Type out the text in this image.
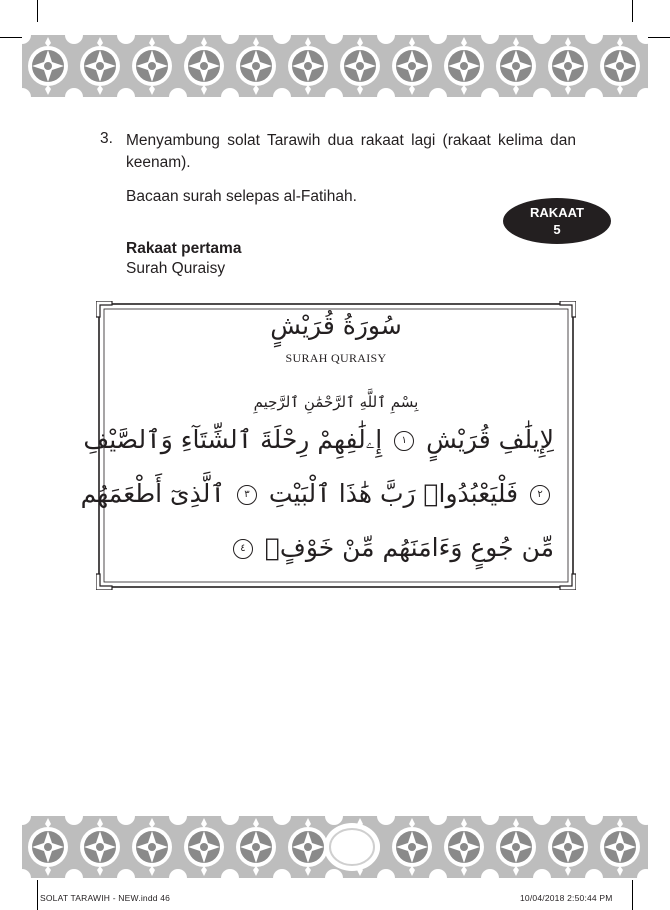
3. Menyambung solat Tarawih dua rakaat lagi (rakaat kelima dan keenam).
Bacaan surah selepas al-Fatihah.
RAKAAT
5
Rakaat pertama
Surah Quraisy
سُورَةُ قُرَيْشٍ
SURAH QURAISY
بِسْمِ ٱللَّهِ ٱلرَّحْمَٰنِ ٱلرَّحِيمِ
لِإِيلَٰفِ قُرَيْشٍ ١ إِۦلَٰفِهِمْ رِحْلَةَ ٱلشِّتَآءِ وَٱلصَّيْفِ
٢ فَلْيَعْبُدُوا۟ رَبَّ هَٰذَا ٱلْبَيْتِ ٣ ٱلَّذِىٓ أَطْعَمَهُم
مِّن جُوعٍ وَءَامَنَهُم مِّنْ خَوْفٍۭ ٤
SOLAT TARAWIH - NEW.indd 46	10/04/2018 2:50:44 PM
